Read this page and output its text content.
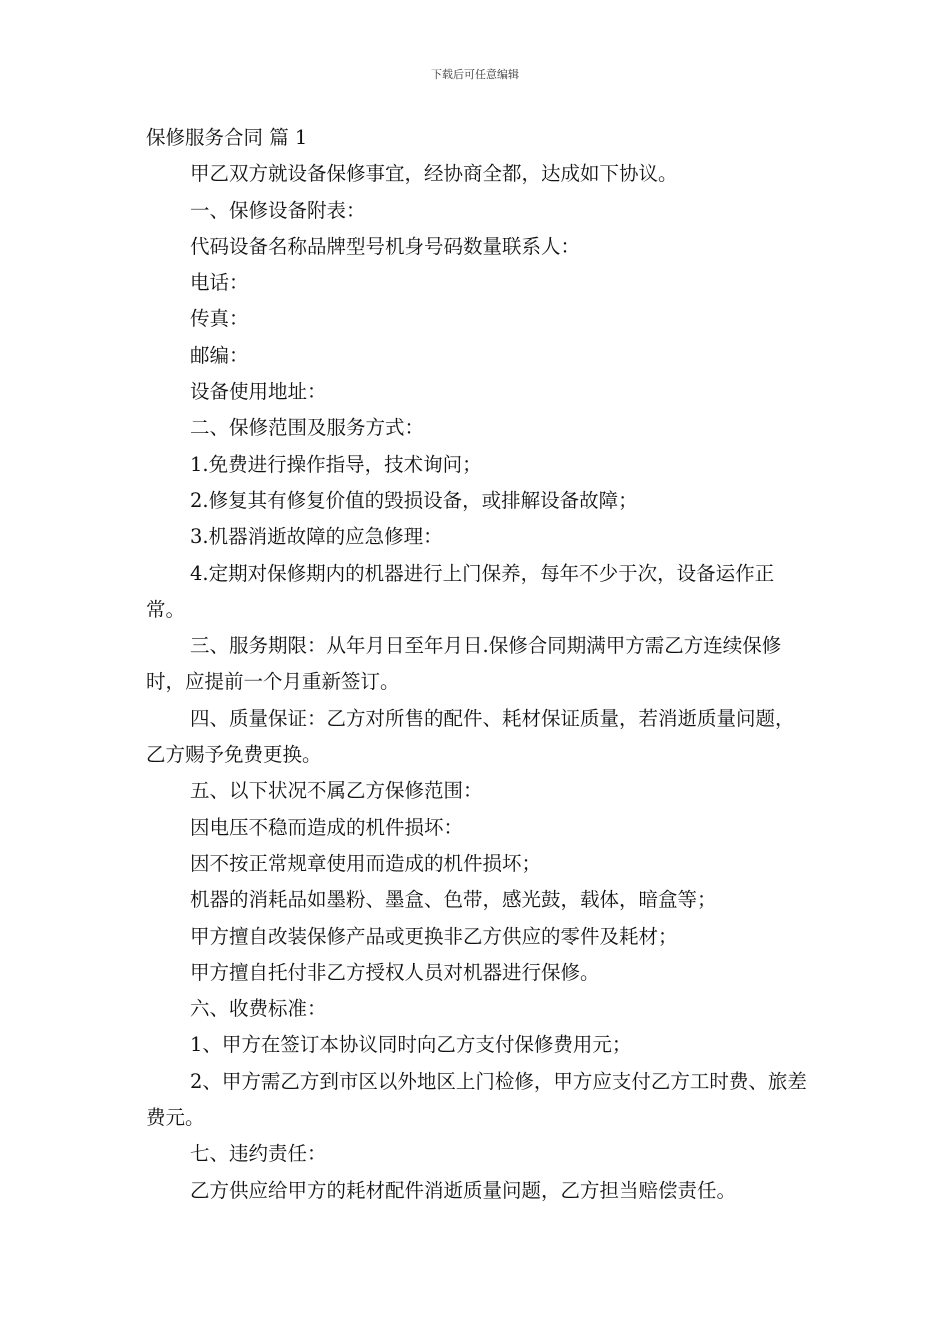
下载后可任意编辑

保修服务合同 篇 1

甲乙双方就设备保修事宜，经协商全都，达成如下协议。

一、保修设备附表：

代码设备名称品牌型号机身号码数量联系人：

电话：

传真：

邮编：

设备使用地址：

二、保修范围及服务方式：

1.免费进行操作指导，技术询问；

2.修复其有修复价值的毁损设备，或排解设备故障；

3.机器消逝故障的应急修理：

4.定期对保修期内的机器进行上门保养，每年不少于次，设备运作正常。

三、服务期限：从年月日至年月日.保修合同期满甲方需乙方连续保修时，应提前一个月重新签订。

四、质量保证：乙方对所售的配件、耗材保证质量，若消逝质量问题，乙方赐予免费更换。

五、以下状况不属乙方保修范围：

因电压不稳而造成的机件损坏：

因不按正常规章使用而造成的机件损坏；

机器的消耗品如墨粉、墨盒、色带，感光鼓，载体，暗盒等；

甲方擅自改装保修产品或更换非乙方供应的零件及耗材；

甲方擅自托付非乙方授权人员对机器进行保修。

六、收费标准：

1、甲方在签订本协议同时向乙方支付保修费用元；

2、甲方需乙方到市区以外地区上门检修，甲方应支付乙方工时费、旅差费元。

七、违约责任：

乙方供应给甲方的耗材配件消逝质量问题，乙方担当赔偿责任。
